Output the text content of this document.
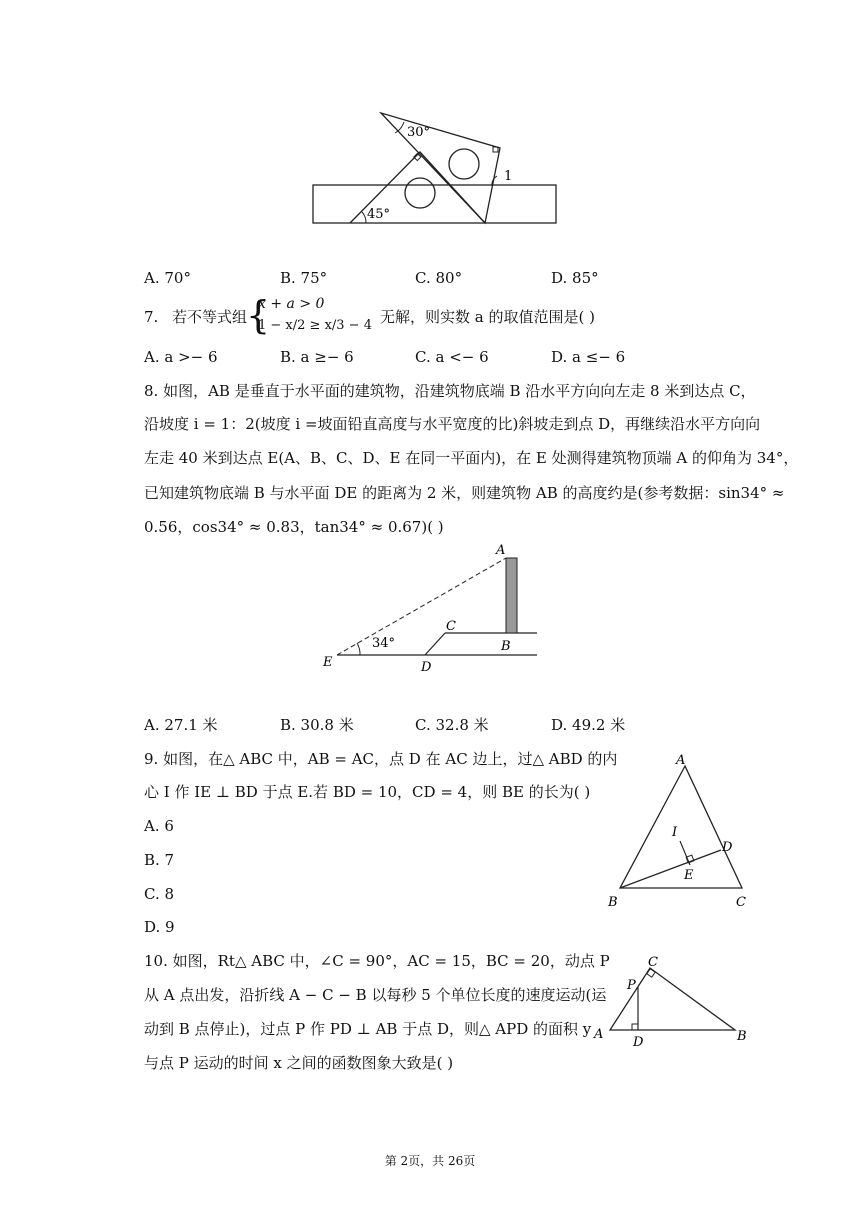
30°
45°
1
A. 70°	B. 75°	C. 80°	D. 85°
7. 若不等式组
{
x + a > 0
1 − x/2 ≥ x/3 − 4 无解，则实数 a 的取值范围是( )
A. a >− 6	B. a ≥− 6	C. a <− 6	D. a ≤− 6
8. 如图，AB 是垂直于水平面的建筑物，沿建筑物底端 B 沿水平方向向左走 8 米到达点 C，
沿坡度 i = 1：2(坡度 i =坡面铅直高度与水平宽度的比)斜坡走到点 D，再继续沿水平方向向
左走 40 米到达点 E(A、B、C、D、E 在同一平面内)，在 E 处测得建筑物顶端 A 的仰角为 34°，
已知建筑物底端 B 与水平面 DE 的距离为 2 米，则建筑物 AB 的高度约是(参考数据：sin34° ≈
0.56，cos34° ≈ 0.83，tan34° ≈ 0.67)( )
34°
A
B
C
D
E
A. 27.1 米	B. 30.8 米	C. 32.8 米	D. 49.2 米
9. 如图，在△ ABC 中，AB = AC，点 D 在 AC 边上，过△ ABD 的内
心 I 作 IE ⊥ BD 于点 E.若 BD = 10，CD = 4，则 BE 的长为( )
A. 6
B. 7
C. 8
D. 9
A
B	C
D
E
I
10. 如图，Rt△ ABC 中，∠C = 90°，AC = 15，BC = 20，动点 P
从 A 点出发，沿折线 A − C − B 以每秒 5 个单位长度的速度运动(运
动到 B 点停止)，过点 P 作 PD ⊥ AB 于点 D，则△ APD 的面积 y
与点 P 运动的时间 x 之间的函数图象大致是( )
A	B
C
D
P
第 2页，共 26页
